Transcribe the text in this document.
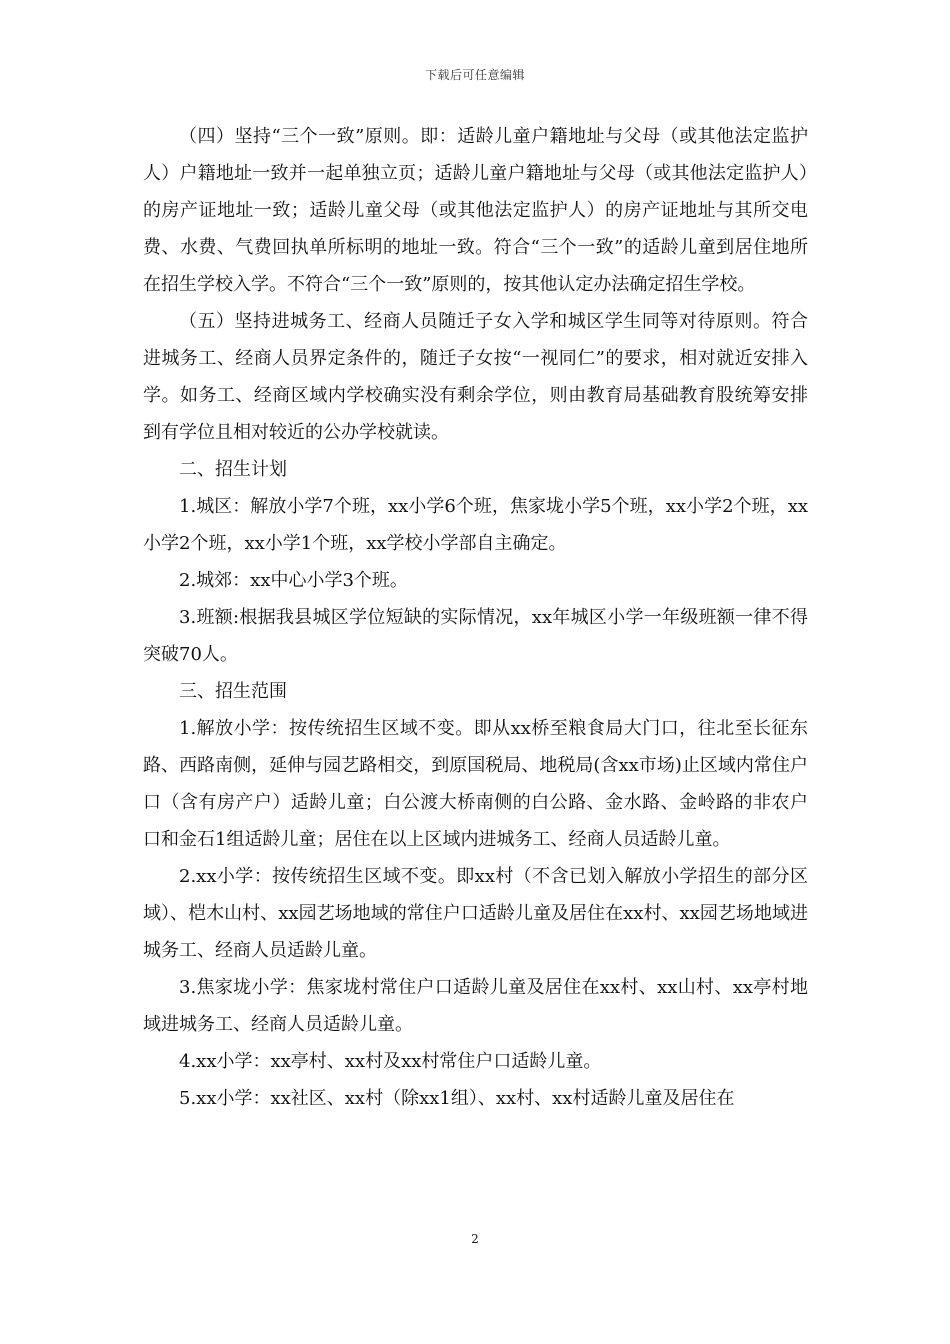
下载后可任意编辑

（四）坚持“三个一致”原则。即：适龄儿童户籍地址与父母（或其他法定监护人）户籍地址一致并一起单独立页；适龄儿童户籍地址与父母（或其他法定监护人）的房产证地址一致；适龄儿童父母（或其他法定监护人）的房产证地址与其所交电费、水费、气费回执单所标明的地址一致。符合“三个一致”的适龄儿童到居住地所在招生学校入学。不符合“三个一致”原则的，按其他认定办法确定招生学校。

（五）坚持进城务工、经商人员随迁子女入学和城区学生同等对待原则。符合进城务工、经商人员界定条件的，随迁子女按“一视同仁”的要求，相对就近安排入学。如务工、经商区域内学校确实没有剩余学位，则由教育局基础教育股统筹安排到有学位且相对较近的公办学校就读。

二、招生计划

1.城区：解放小学7个班，xx小学6个班，焦家垅小学5个班，xx小学2个班，xx小学2个班，xx小学1个班，xx学校小学部自主确定。

2.城郊：xx中心小学3个班。

3.班额:根据我县城区学位短缺的实际情况，xx年城区小学一年级班额一律不得突破70人。

三、招生范围

1.解放小学：按传统招生区域不变。即从xx桥至粮食局大门口，往北至长征东路、西路南侧，延伸与园艺路相交，到原国税局、地税局(含xx市场)止区域内常住户口（含有房产户）适龄儿童；白公渡大桥南侧的白公路、金水路、金岭路的非农户口和金石1组适龄儿童；居住在以上区域内进城务工、经商人员适龄儿童。

2.xx小学：按传统招生区域不变。即xx村（不含已划入解放小学招生的部分区域）、桤木山村、xx园艺场地域的常住户口适龄儿童及居住在xx村、xx园艺场地域进城务工、经商人员适龄儿童。

3.焦家垅小学：焦家垅村常住户口适龄儿童及居住在xx村、xx山村、xx亭村地域进城务工、经商人员适龄儿童。

4.xx小学：xx亭村、xx村及xx村常住户口适龄儿童。

5.xx小学：xx社区、xx村（除xx1组）、xx村、xx村适龄儿童及居住在

2
